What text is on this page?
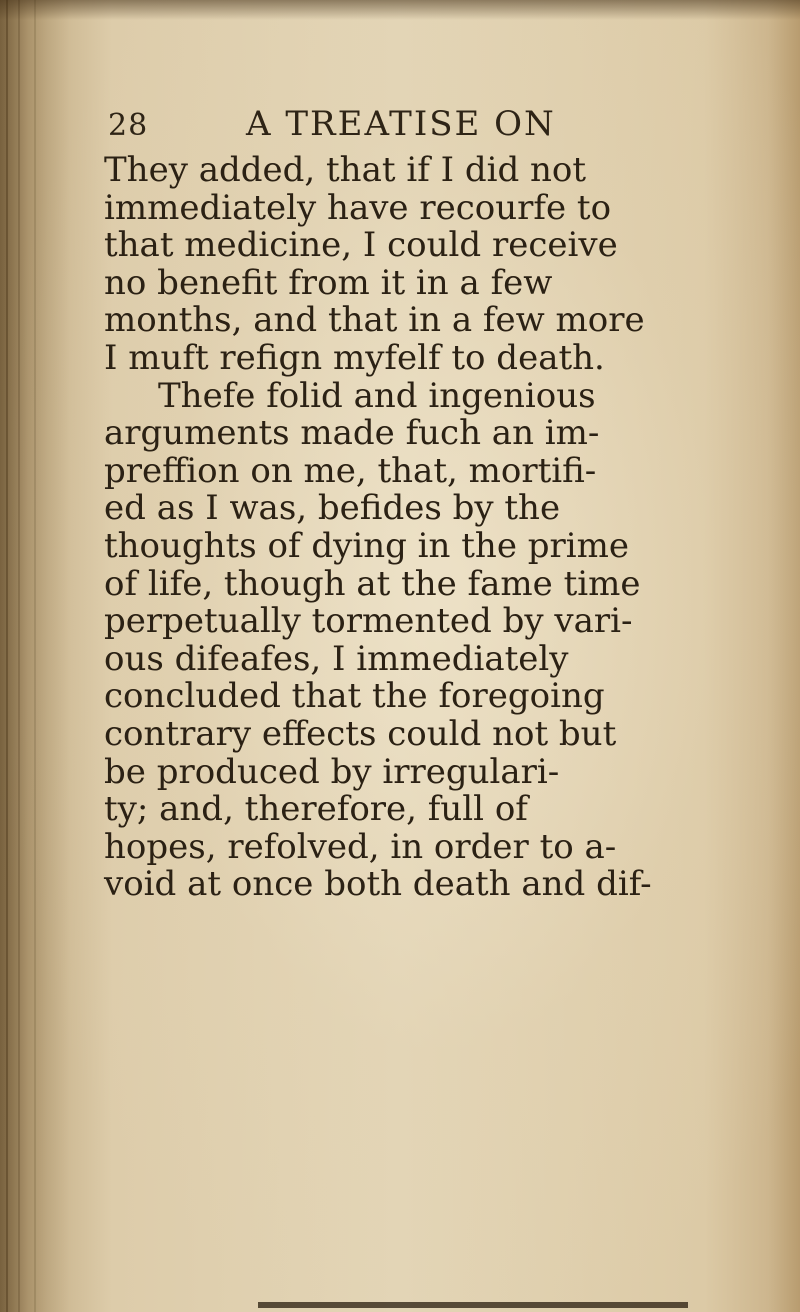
28	A TREATISE ON
They added, that if I did not
immediately have recourfe to
that medicine, I could receive
no benefit from it in a few
months, and that in a few more
I muft refign myfelf to death.
Thefe folid and ingenious
arguments made fuch an im-
preffion on me, that, mortifi-
ed as I was, befides by the
thoughts of dying in the prime
of life, though at the fame time
perpetually tormented by vari-
ous difeafes, I immediately
concluded that the foregoing
contrary effects could not but
be produced by irregulari-
ty; and, therefore, full of
hopes, refolved, in order to a-
void at once both death and dif-
